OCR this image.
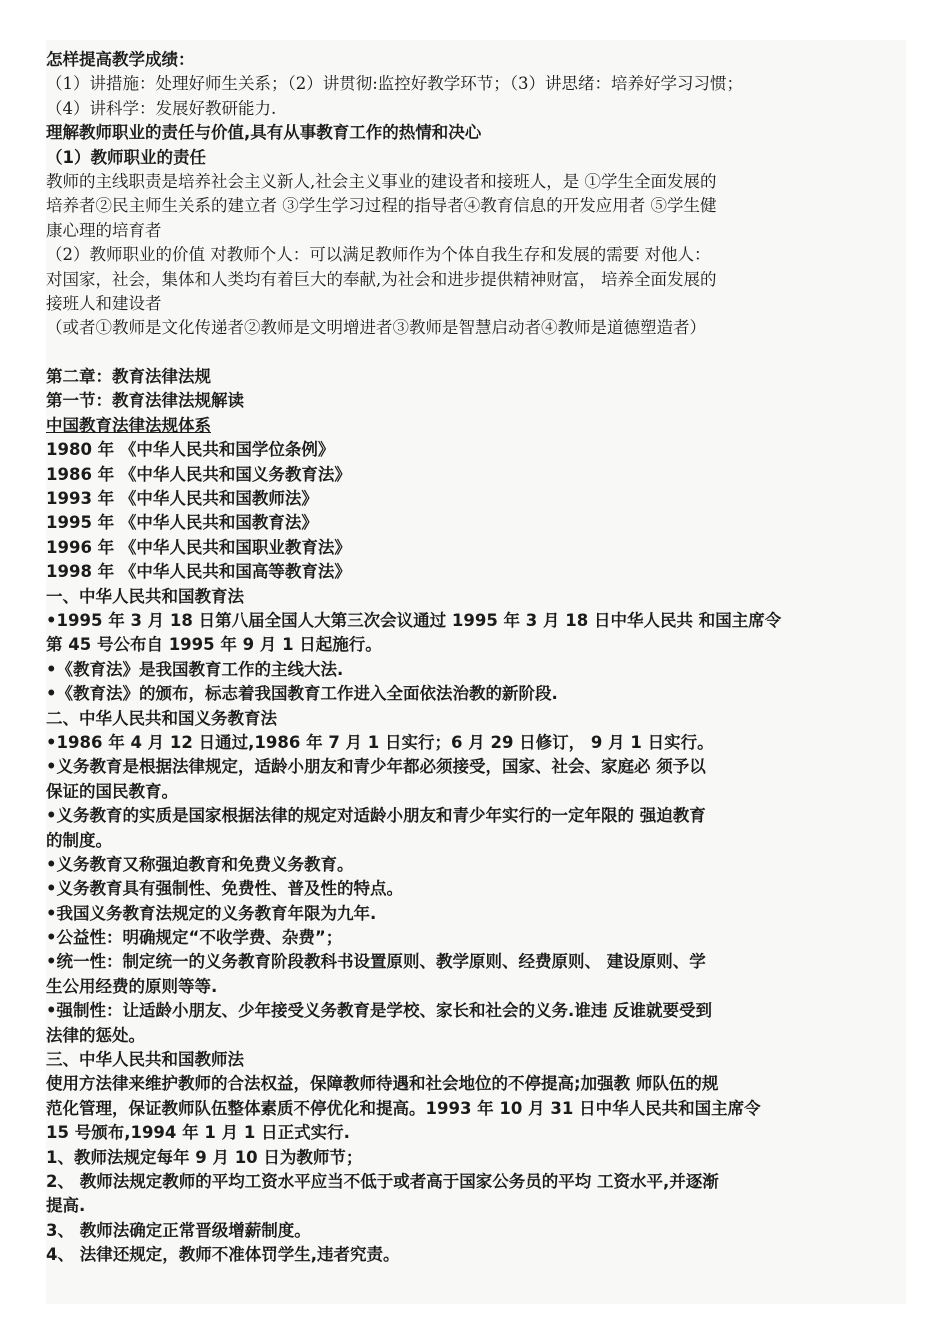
怎样提高教学成绩：
（1）讲措施：处理好师生关系；（2）讲贯彻:监控好教学环节；（3）讲思绪：培养好学习习惯；
（4）讲科学：发展好教研能力.
理解教师职业的责任与价值,具有从事教育工作的热情和决心
（1）教师职业的责任
教师的主线职责是培养社会主义新人,社会主义事业的建设者和接班人，是 ①学生全面发展的
培养者②民主师生关系的建立者 ③学生学习过程的指导者④教育信息的开发应用者 ⑤学生健
康心理的培育者
（2）教师职业的价值 对教师个人：可以满足教师作为个体自我生存和发展的需要 对他人：
对国家，社会，集体和人类均有着巨大的奉献,为社会和进步提供精神财富， 培养全面发展的
接班人和建设者
（或者①教师是文化传递者②教师是文明增进者③教师是智慧启动者④教师是道德塑造者）
第二章：教育法律法规
第一节：教育法律法规解读
中国教育法律法规体系
1980 年 《中华人民共和国学位条例》
1986 年 《中华人民共和国义务教育法》
1993 年 《中华人民共和国教师法》
1995 年 《中华人民共和国教育法》
1996 年 《中华人民共和国职业教育法》
1998 年 《中华人民共和国高等教育法》
一、中华人民共和国教育法
•1995 年 3 月 18 日第八届全国人大第三次会议通过 1995 年 3 月 18 日中华人民共 和国主席令
第 45 号公布自 1995 年 9 月 1 日起施行。
•《教育法》是我国教育工作的主线大法.
•《教育法》的颁布，标志着我国教育工作进入全面依法治教的新阶段.
二、中华人民共和国义务教育法
•1986 年 4 月 12 日通过,1986 年 7 月 1 日实行；6 月 29 日修订， 9 月 1 日实行。
•义务教育是根据法律规定，适龄小朋友和青少年都必须接受，国家、社会、家庭必 须予以
保证的国民教育。
•义务教育的实质是国家根据法律的规定对适龄小朋友和青少年实行的一定年限的 强迫教育
的制度。
•义务教育又称强迫教育和免费义务教育。
•义务教育具有强制性、免费性、普及性的特点。
•我国义务教育法规定的义务教育年限为九年.
•公益性：明确规定“不收学费、杂费”；
•统一性：制定统一的义务教育阶段教科书设置原则、教学原则、经费原则、 建设原则、学
生公用经费的原则等等.
•强制性：让适龄小朋友、少年接受义务教育是学校、家长和社会的义务.谁违 反谁就要受到
法律的惩处。
三、中华人民共和国教师法
使用方法律来维护教师的合法权益，保障教师待遇和社会地位的不停提高;加强教 师队伍的规
范化管理，保证教师队伍整体素质不停优化和提高。1993 年 10 月 31 日中华人民共和国主席令
15 号颁布,1994 年 1 月 1 日正式实行.
1、教师法规定每年 9 月 10 日为教师节；
2、 教师法规定教师的平均工资水平应当不低于或者高于国家公务员的平均 工资水平,并逐渐
提高.
3、 教师法确定正常晋级增薪制度。
4、 法律还规定，教师不准体罚学生,违者究责。
